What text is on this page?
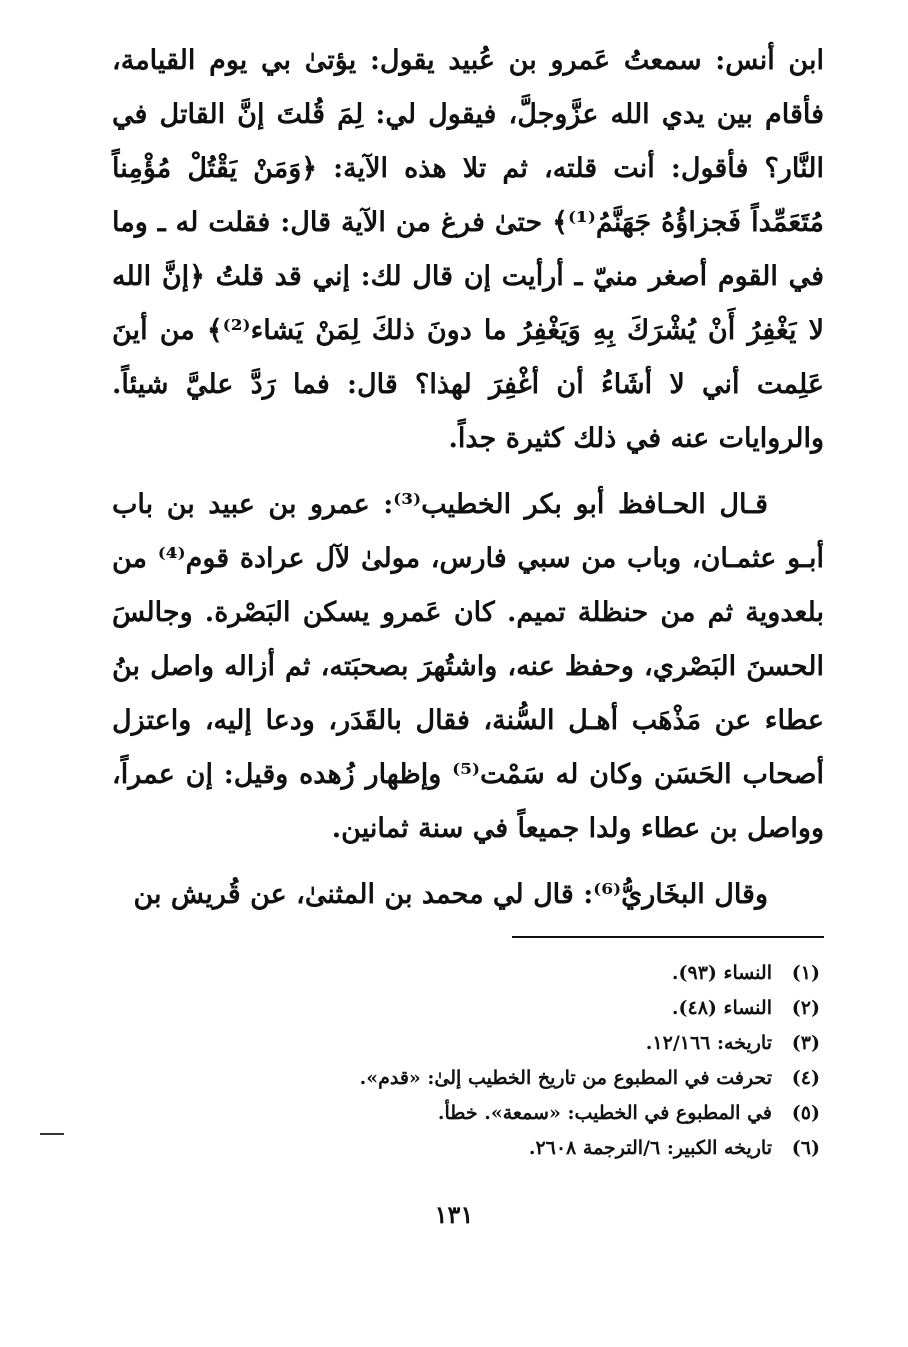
ابن أنس: سمعتُ عَمرو بن عُبيد يقول: يؤتىٰ بي يوم القيامة، فأقام بين يدي الله عزَّوجلَّ، فيقول لي: لِمَ قُلتَ إنَّ القاتل في النَّار؟ فأقول: أنت قلته، ثم تلا هذه الآية: ﴿وَمَنْ يَقْتُلْ مُؤْمِناً مُتَعَمِّداً فَجزاؤُهُ جَهَنَّمُ⁽¹⁾﴾ حتىٰ فرغ من الآية قال: فقلت له ـ وما في القوم أصغر منيّ ـ أرأيت إن قال لك: إني قد قلتُ ﴿إنَّ الله لا يَغْفِرُ أَنْ يُشْرَكَ بِهِ وَيَغْفِرُ ما دونَ ذلكَ لِمَنْ يَشاء⁽²⁾﴾ من أينَ عَلِمت أني لا أشَاءُ أن أغْفِرَ لهذا؟ قال: فما رَدَّ عليَّ شيئاً. والروايات عنه في ذلك كثيرة جداً.

قـال الحـافظ أبو بكر الخطيب⁽³⁾: عمرو بن عبيد بن باب أبـو عثمـان، وباب من سبي فارس، مولىٰ لآل عرادة قوم⁽⁴⁾ من بلعدوية ثم من حنظلة تميم. كان عَمرو يسكن البَصْرة. وجالسَ الحسنَ البَصْري، وحفظ عنه، واشتُهرَ بصحبَته، ثم أزاله واصل بنُ عطاء عن مَذْهَب أهـل السُّنة، فقال بالقَدَر، ودعا إليه، واعتزل أصحاب الحَسَن وكان له سَمْت⁽⁵⁾ وإظهار زُهده وقيل: إن عمراً، وواصل بن عطاء ولدا جميعاً في سنة ثمانين.

وقال البخَاريُّ⁽⁶⁾: قال لي محمد بن المثنىٰ، عن قُريش بن

(١)
النساء (٩٣).
(٢)
النساء (٤٨).
(٣)
تاريخه: ١٢/١٦٦.
(٤)
تحرفت في المطبوع من تاريخ الخطيب إلىٰ: «قدم».
(٥)
في المطبوع في الخطيب: «سمعة». خطأ.
(٦)
تاريخه الكبير: ٦/الترجمة ٢٦٠٨.
١٣١
